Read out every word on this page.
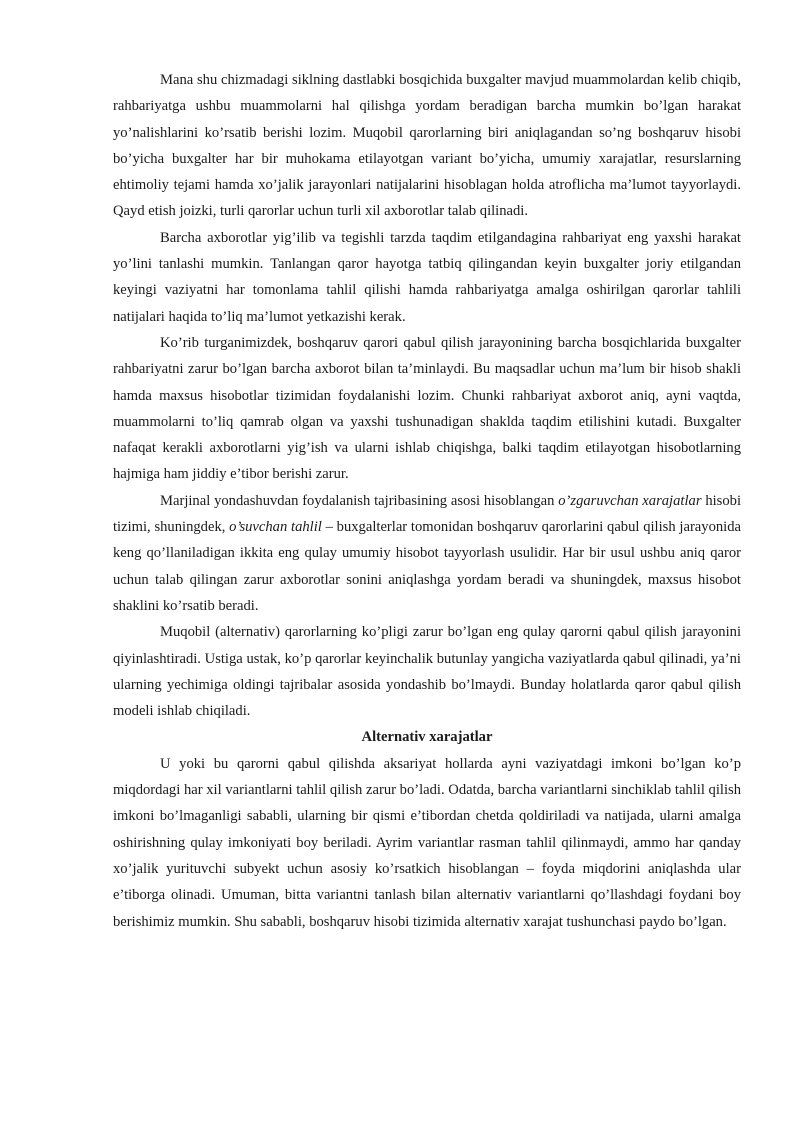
Mana shu chizmadagi siklning dastlabki bosqichida buxgalter mavjud muammolardan kelib chiqib, rahbariyatga ushbu muammolarni hal qilishga yordam beradigan barcha mumkin bo’lgan harakat yo’nalishlarini ko’rsatib berishi lozim. Muqobil qarorlarning biri aniqlagandan so’ng boshqaruv hisobi bo’yicha buxgalter har bir muhokama etilayotgan variant bo’yicha, umumiy xarajatlar, resurslarning ehtimoliy tejami hamda xo’jalik jarayonlari natijalarini hisoblagan holda atroflicha ma’lumot tayyorlaydi. Qayd etish joizki, turli qarorlar uchun turli xil axborotlar talab qilinadi.

Barcha axborotlar yig’ilib va tegishli tarzda taqdim etilgandagina rahbariyat eng yaxshi harakat yo’lini tanlashi mumkin. Tanlangan qaror hayotga tatbiq qilingandan keyin buxgalter joriy etilgandan keyingi vaziyatni har tomonlama tahlil qilishi hamda rahbariyatga amalga oshirilgan qarorlar tahlili natijalari haqida to’liq ma’lumot yetkazishi kerak.

Ko’rib turganimizdek, boshqaruv qarori qabul qilish jarayonining barcha bosqichlarida buxgalter rahbariyatni zarur bo’lgan barcha axborot bilan ta’minlaydi. Bu maqsadlar uchun ma’lum bir hisob shakli hamda maxsus hisobotlar tizimidan foydalanishi lozim. Chunki rahbariyat axborot aniq, ayni vaqtda, muammolarni to’liq qamrab olgan va yaxshi tushunadigan shaklda taqdim etilishini kutadi. Buxgalter nafaqat kerakli axborotlarni yig’ish va ularni ishlab chiqishga, balki taqdim etilayotgan hisobotlarning hajmiga ham jiddiy e’tibor berishi zarur.

Marjinal yondashuvdan foydalanish tajribasining asosi hisoblangan o’zgaruvchan xarajatlar hisobi tizimi, shuningdek, o’suvchan tahlil – buxgalterlar tomonidan boshqaruv qarorlarini qabul qilish jarayonida keng qo’llaniladigan ikkita eng qulay umumiy hisobot tayyorlash usulidir. Har bir usul ushbu aniq qaror uchun talab qilingan zarur axborotlar sonini aniqlashga yordam beradi va shuningdek, maxsus hisobot shaklini ko’rsatib beradi.

Muqobil (alternativ) qarorlarning ko’pligi zarur bo’lgan eng qulay qarorni qabul qilish jarayonini qiyinlashtiradi. Ustiga ustak, ko’p qarorlar keyinchalik butunlay yangicha vaziyatlarda qabul qilinadi, ya’ni ularning yechimiga oldingi tajribalar asosida yondashib bo’lmaydi. Bunday holatlarda qaror qabul qilish modeli ishlab chiqiladi.

Alternativ xarajatlar

U yoki bu qarorni qabul qilishda aksariyat hollarda ayni vaziyatdagi imkoni bo’lgan ko’p miqdordagi har xil variantlarni tahlil qilish zarur bo’ladi. Odatda, barcha variantlarni sinchiklab tahlil qilish imkoni bo’lmaganligi sababli, ularning bir qismi e’tibordan chetda qoldiriladi va natijada, ularni amalga oshirishning qulay imkoniyati boy beriladi. Ayrim variantlar rasman tahlil qilinmaydi, ammo har qanday xo’jalik yurituvchi subyekt uchun asosiy ko’rsatkich hisoblangan – foyda miqdorini aniqlashda ular e’tiborga olinadi. Umuman, bitta variantni tanlash bilan alternativ variantlarni qo’llashdagi foydani boy berishimiz mumkin. Shu sababli, boshqaruv hisobi tizimida alternativ xarajat tushunchasi paydo bo’lgan.
